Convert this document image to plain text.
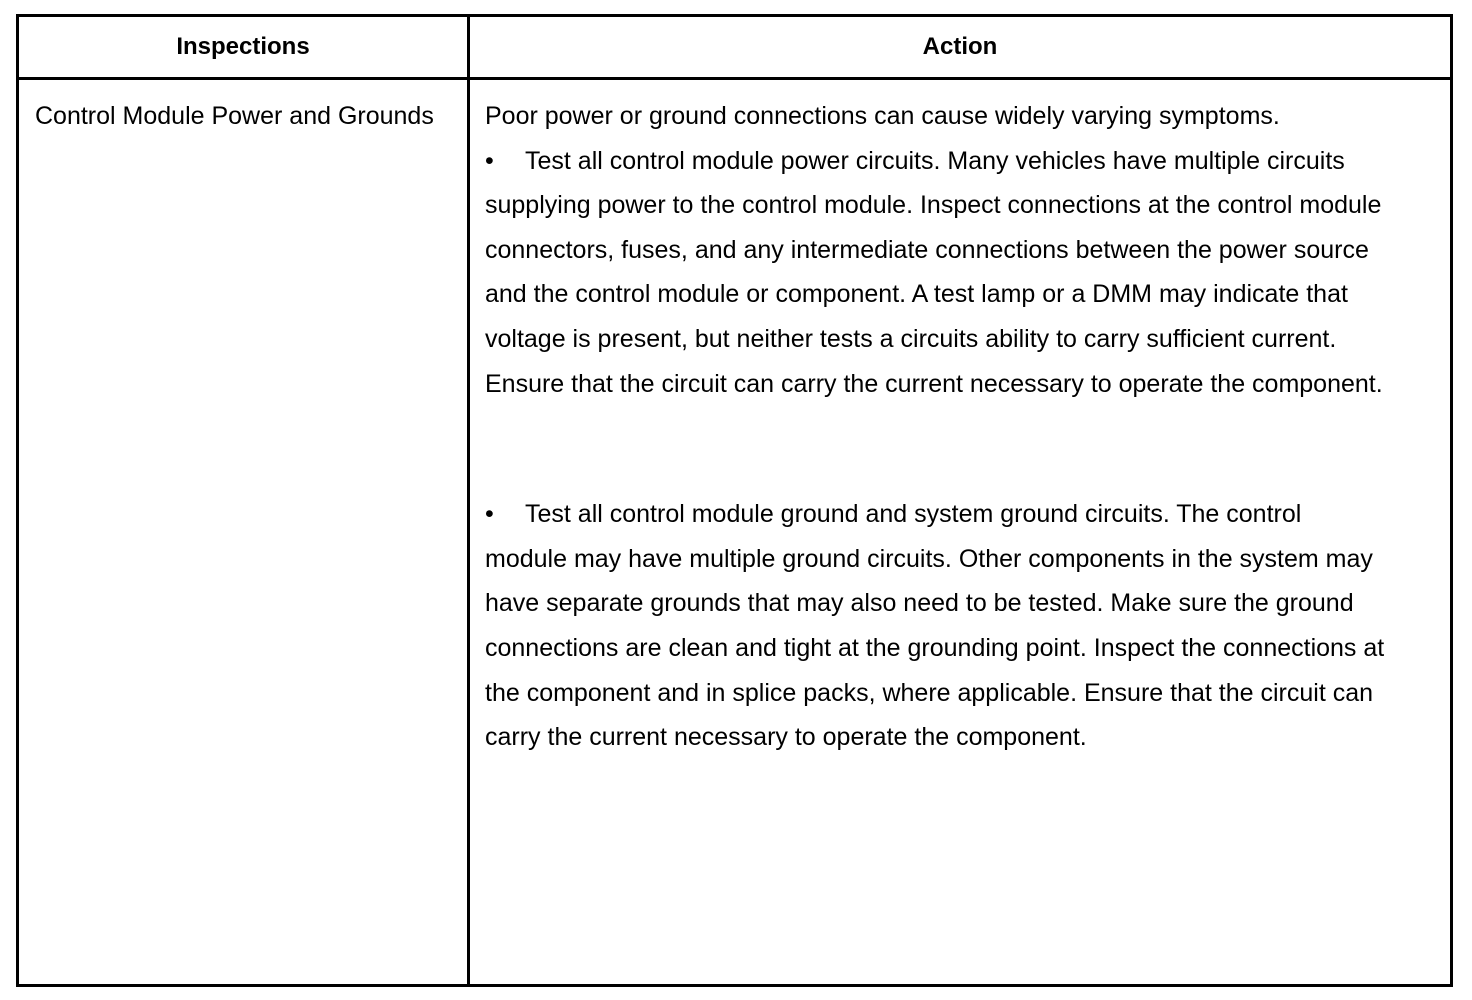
Inspections	Action
Control Module Power and Grounds	Poor power or ground connections can cause widely varying symptoms.

• Test all control module power circuits. Many vehicles have multiple circuits supplying power to the control module. Inspect connections at the control module connectors, fuses, and any intermediate connections between the power source and the control module or component. A test lamp or a DMM may indicate that voltage is present, but neither tests a circuits ability to carry sufficient current. Ensure that the circuit can carry the current necessary to operate the component.

• Test all control module ground and system ground circuits. The control module may have multiple ground circuits. Other components in the system may have separate grounds that may also need to be tested. Make sure the ground connections are clean and tight at the grounding point. Inspect the connections at the component and in splice packs, where applicable. Ensure that the circuit can carry the current necessary to operate the component.
